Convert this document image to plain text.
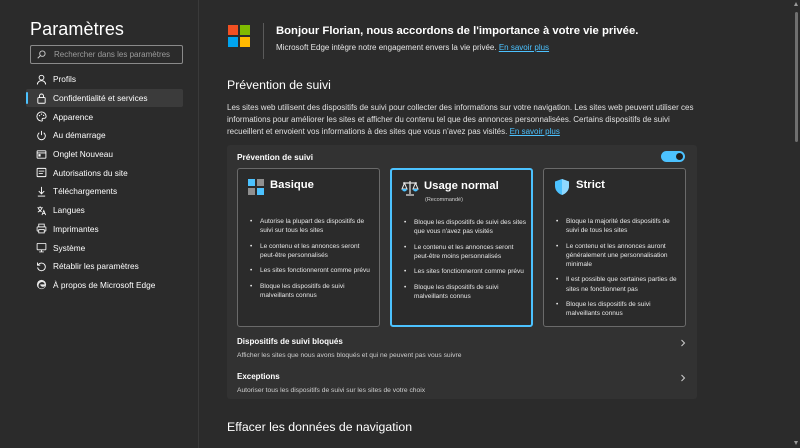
Paramètres
Rechercher dans les paramètres
Profils
Confidentialité et services
Apparence
Au démarrage
Onglet Nouveau
Autorisations du site
Téléchargements
Langues
Imprimantes
Système
Rétablir les paramètres
À propos de Microsoft Edge
Bonjour Florian, nous accordons de l'importance à votre vie privée.
Microsoft Edge intègre notre engagement envers la vie privée. En savoir plus
Prévention de suivi
Les sites web utilisent des dispositifs de suivi pour collecter des informations sur votre navigation. Les sites web peuvent utiliser ces informations pour améliorer les sites et afficher du contenu tel que des annonces personnalisées. Certains dispositifs de suivi recueillent et envoient vos informations à des sites que vous n'avez pas visités. En savoir plus
Prévention de suivi
Basique
• Autorise la plupart des dispositifs de suivi sur tous les sites
• Le contenu et les annonces seront peut-être personnalisés
• Les sites fonctionneront comme prévu
• Bloque les dispositifs de suivi malveillants connus
Usage normal
(Recommandé)
• Bloque les dispositifs de suivi des sites que vous n'avez pas visités
• Le contenu et les annonces seront peut-être moins personnalisés
• Les sites fonctionneront comme prévu
• Bloque les dispositifs de suivi malveillants connus
Strict
• Bloque la majorité des dispositifs de suivi de tous les sites
• Le contenu et les annonces auront généralement une personnalisation minimale
• Il est possible que certaines parties de sites ne fonctionnent pas
• Bloque les dispositifs de suivi malveillants connus
Dispositifs de suivi bloqués
Afficher les sites que nous avons bloqués et qui ne peuvent pas vous suivre
Exceptions
Autoriser tous les dispositifs de suivi sur les sites de votre choix
Effacer les données de navigation
